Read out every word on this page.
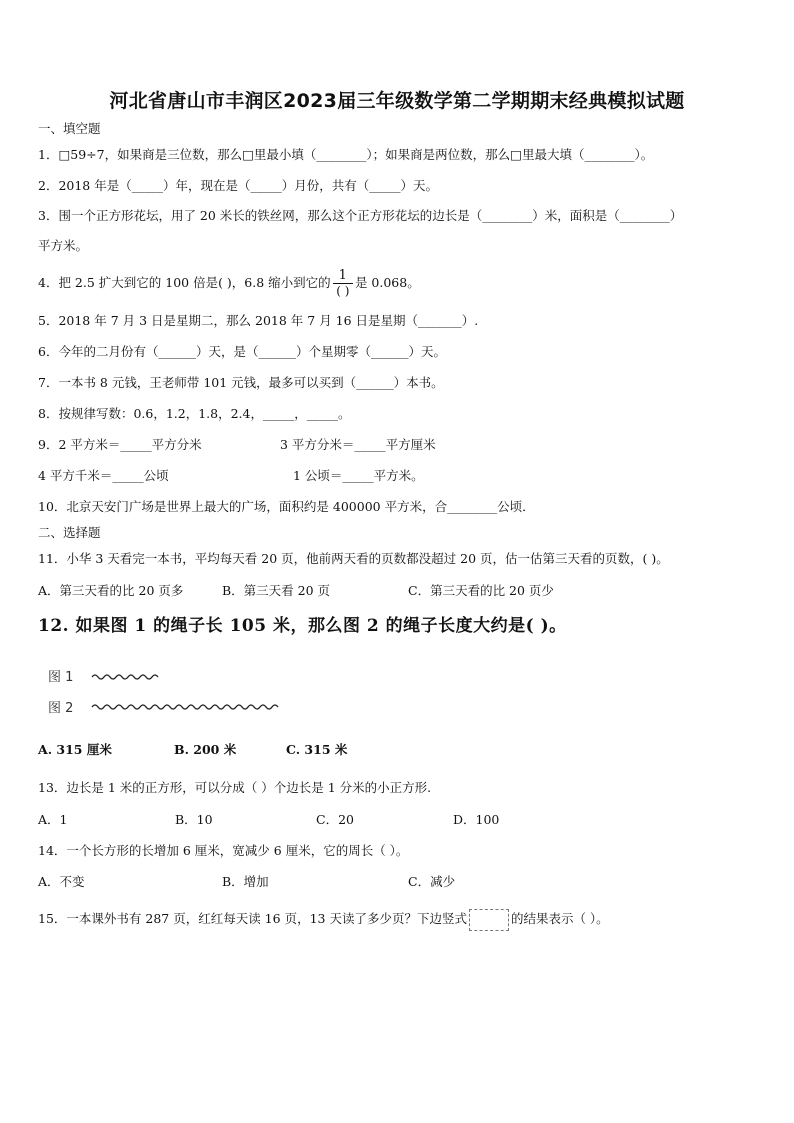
河北省唐山市丰润区2023届三年级数学第二学期期末经典模拟试题
一、填空题
1．□59÷7，如果商是三位数，那么□里最小填（________）；如果商是两位数，那么□里最大填（________）。
2．2018 年是（_____）年，现在是（_____）月份，共有（_____）天。
3．围一个正方形花坛，用了 20 米长的铁丝网，那么这个正方形花坛的边长是（________）米，面积是（________）
平方米。
4．把 2.5 扩大到它的 100 倍是( )，6.8 缩小到它的 $\frac{1}{( )}$ 是 0.068。
5．2018 年 7 月 3 日是星期二，那么 2018 年 7 月 16 日是星期（_______）.
6．今年的二月份有（______）天，是（______）个星期零（______）天。
7．一本书 8 元钱，王老师带 101 元钱，最多可以买到（______）本书。
8．按规律写数：0.6，1.2，1.8，2.4，_____，_____。
9．2 平方米＝_____平方分米	3 平方分米＝_____平方厘米
4 平方千米＝_____公顷	1 公顷＝_____平方米。
10．北京天安门广场是世界上最大的广场，面积约是 400000 平方米，合________公顷．
二、选择题
11．小华 3 天看完一本书，平均每天看 20 页，他前两天看的页数都没超过 20 页，估一估第三天看的页数，( )。
A．第三天看的比 20 页多	B．第三天看 20 页	C．第三天看的比 20 页少
12. 如果图 1 的绳子长 105 米，那么图 2 的绳子长度大约是( )。
图 1
图 2
A. 315 厘米	B. 200 米	C. 315 米
13．边长是 1 米的正方形，可以分成（ ）个边长是 1 分米的小正方形.
A．1	B．10	C．20	D．100
14．一个长方形的长增加 6 厘米，宽减少 6 厘米，它的周长（ ）。
A．不变	B．增加	C．减少
15．一本课外书有 287 页，红红每天读 16 页，13 天读了多少页？下边竖式	的结果表示（ ）。
